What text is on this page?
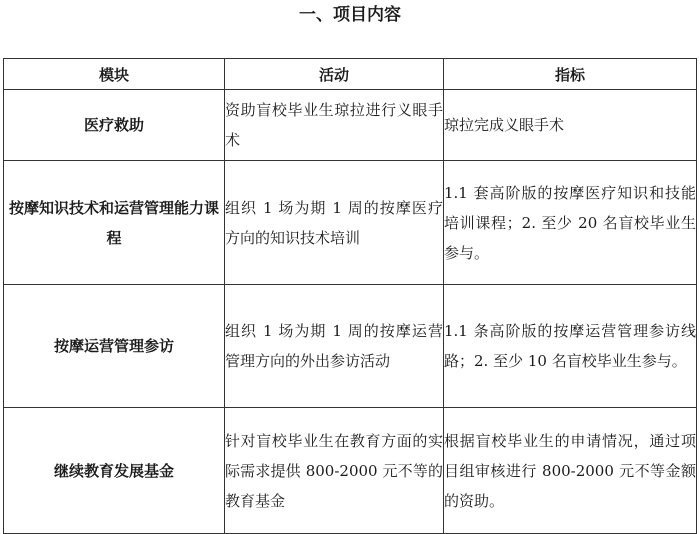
一、项目内容
模块	活动	指标
医疗救助	资助盲校毕业生琼拉进行义眼手术	琼拉完成义眼手术
按摩知识技术和运营管理能力课程	组织 1 场为期 1 周的按摩医疗方向的知识技术培训	1.1 套高阶版的按摩医疗知识和技能培训课程；2. 至少 20 名盲校毕业生参与。
按摩运营管理参访	组织 1 场为期 1 周的按摩运营管理方向的外出参访活动	1.1 条高阶版的按摩运营管理参访线路；2. 至少 10 名盲校毕业生参与。
继续教育发展基金	针对盲校毕业生在教育方面的实际需求提供 800-2000 元不等的教育基金	根据盲校毕业生的申请情况，通过项目组审核进行 800-2000 元不等金额的资助。
